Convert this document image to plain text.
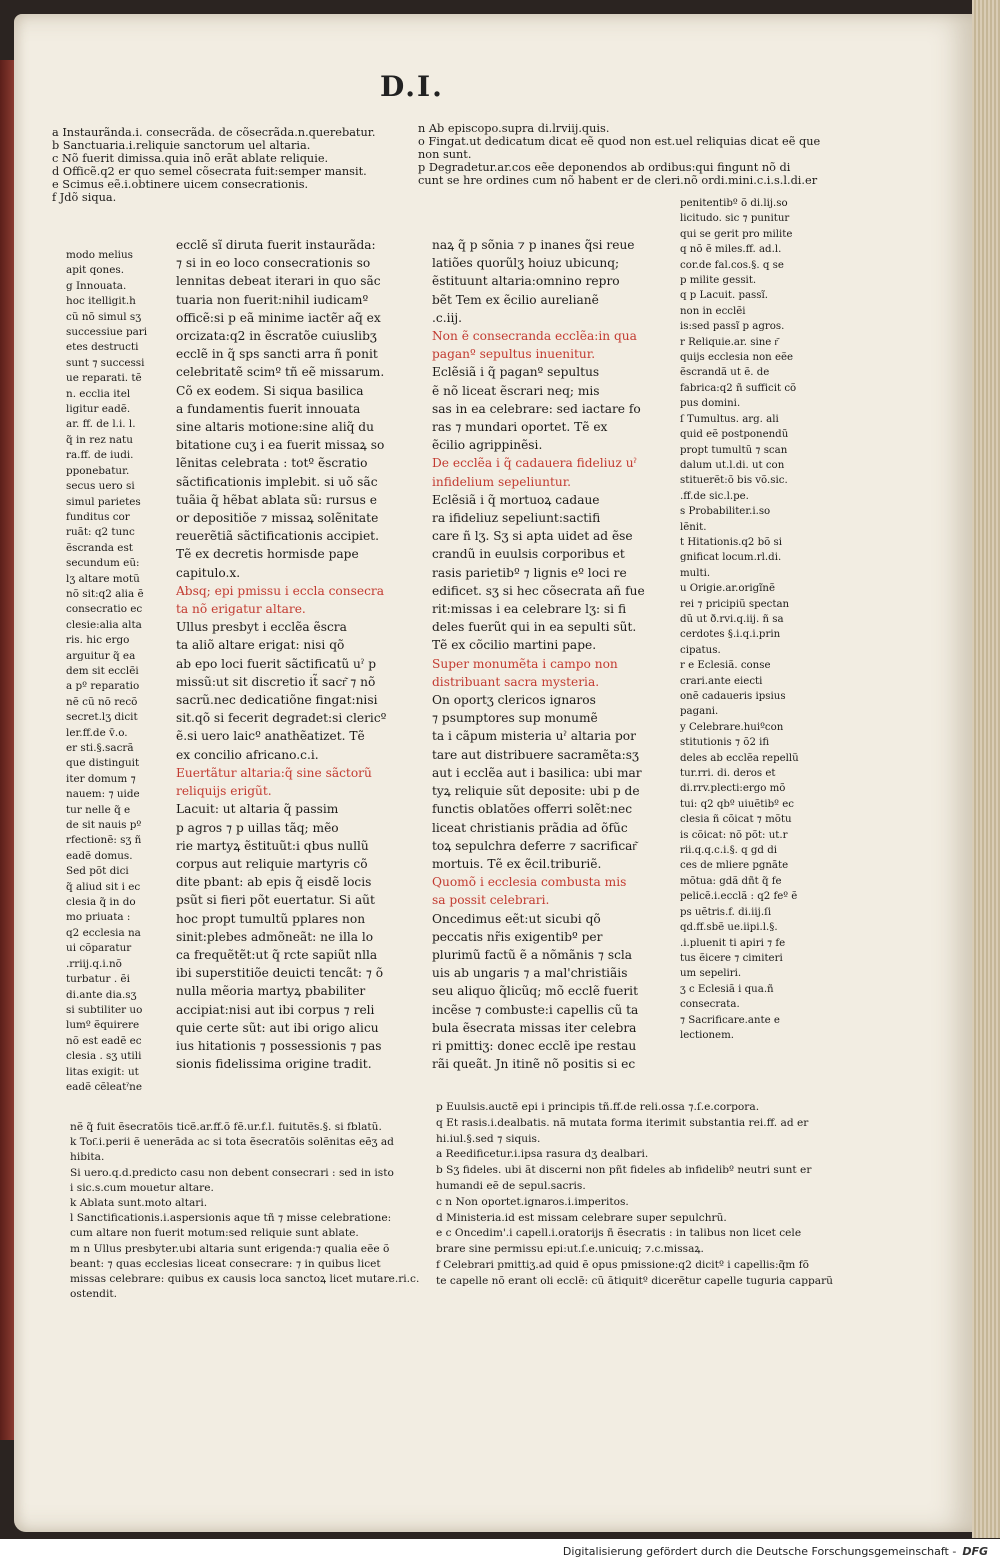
D.I.
a Instaurãnda.i. consecrãda. de cõsecrãda.n.querebatur.
b Sanctuaria.i.reliquie sanctorum uel altaria.
c Nõ fuerit dimissa.quia inõ erãt ablate reliquie.
d Officẽ.q2 er quo semel cõsecrata fuit:semper mansit.
e Scimus eẽ.i.obtinere uicem consecrationis.
f Jdõ siqua.
n Ab episcopo.supra di.lrviij.quis.
o Fingat.ut dedicatum dicat eẽ quod non est.uel reliquias dicat eẽ que
non sunt.
p Degradetur.ar.cos eẽe deponendos ab ordibus:qui fingunt nõ di
cunt se hre ordines cum nõ habent er de cleri.nõ ordi.mini.c.i.s.l.di.er
modo melius
apit qones.
g Innouata.
hoc itelligit.h
cũ nõ simul sʒ
successiue pari
etes destructi
sunt ⁊ successi
ue reparati. tẽ
n. ecclia itel
ligitur eadẽ.
ar. ff. de l.i. l.
q̃ in rez natu
ra.ff. de iudi.
pponebatur.
secus uero si
simul parietes
funditus cor
ruãt: q2 tunc
ẽscranda est
secundum eũ:
lʒ altare motũ
nõ sit:q2 alia ẽ
consecratio ec
clesie:alia alta
ris. hic ergo
arguitur q̃ ea
dem sit ecclẽi
a pº reparatio
nẽ cũ nõ recõ
secret.lʒ dicit
ler.ff.de v̄.o.
er sti.§.sacrã
que distinguit
iter domum ⁊
nauem: ⁊ uide
tur nelle q̃ e
de sit nauis pº
rfectionẽ: sʒ ñ
eadẽ domus.
Sed põt dici
q̃ aliud sit i ec
clesia q̃ in do
mo priuata :
q2 ecclesia na
ui cõparatur
.rriij.q.i.nõ
turbatur . ẽi
di.ante dia.sʒ
si subtiliter uo
lumº ẽquirere
nõ est eadẽ ec
clesia . sʒ utili
litas exigit: ut
eadẽ cẽleatˀne
ecclẽ sĩ diruta fuerit instaurãda:
⁊ si in eo loco consecrationis so
lennitas debeat iterari in quo sãc
tuaria non fuerit:nihil iudicamº
officẽ:si p eã minime iactẽr aq̃ ex
orcizata:q2 in ẽscratõe cuiuslibʒ
ecclẽ in q̃ sps sancti arra ñ ponit
celebritatẽ scimº tñ eẽ missarum.
Cõ ex eodem. Si siqua basilica
a fundamentis fuerit innouata
sine altaris motione:sine aliq̃ du
bitatione cuʒ i ea fuerit missaꝝ so
lẽnitas celebrata : totº ẽscratio
sãctificationis implebit. si uõ sãc
tuãia q̃ hẽbat ablata sũ: rursus e
or depositiõe ⁊ missaꝝ solẽnitate
reuerẽtiã sãctificationis accipiet.
Tẽ ex decretis hormisde pape
capitulo.x.
Absq; epi pmissu i eccla consecra
ta nõ erigatur altare.
Ullus presbyt i ecclẽa ẽscra
ta aliõ altare erigat: nisi qõ
ab epo loci fuerit sãctificatũ uˀ p
missũ:ut sit discretio it̃ sacr͂ ⁊ nõ
sacrũ.nec dedicatiõne fingat:nisi
sit.qõ si fecerit degradet:si clericº
ẽ.si uero laicº anathẽatizet. Tẽ
ex concilio africano.c.i.
Euertãtur altaria:q̃ sine sãctorũ
reliquijs erigũt.
Lacuit: ut altaria q̃ passim
p agros ⁊ p uillas tãq; mẽo
rie martyꝝ ẽstituũt:i qbus nullũ
corpus aut reliquie martyris cõ
dite pbant: ab epis q̃ eisdẽ locis
psũt si fieri põt euertatur. Si aũt
hoc propt tumultũ pplares non
sinit:plebes admõneãt: ne illa lo
ca frequẽtẽt:ut q̃ rcte sapiũt nlla
ibi superstitiõe deuicti tencãt: ⁊ õ
nulla mẽoria martyꝝ pbabiliter
accipiat:nisi aut ibi corpus ⁊ reli
quie certe sũt: aut ibi origo alicu
ius hitationis ⁊ possessionis ⁊ pas
sionis fidelissima origine tradit.
naꝝ q̃ p sõnia ⁊ p inanes q̃si reue
latiões quorũlʒ hoiuz ubicunq;
ẽstituunt altaria:omnino repro
bẽt Tem ex ẽcilio aurelianẽ
.c.iij.
Non ẽ consecranda ecclẽa:in qua
paganº sepultus inuenitur.
Eclẽsiã i q̃ paganº sepultus
ẽ nõ liceat ẽscrari neq; mis
sas in ea celebrare: sed iactare fo
ras ⁊ mundari oportet. Tẽ ex
ẽcilio agrippinẽsi.
De ecclẽa i q̃ cadauera fideliuz uˀ
infidelium sepeliuntur.
Eclẽsiã i q̃ mortuoꝝ cadaue
ra ifideliuz sepeliunt:sactifi
care ñ lʒ. Sʒ si apta uidet ad ẽse
crandũ in euulsis corporibus et
rasis parietibº ⁊ lignis eº loci re
edificet. sʒ si hec cõsecrata añ fue
rit:missas i ea celebrare lʒ: si fi
deles fuerũt qui in ea sepulti sũt.
Tẽ ex cõcilio martini pape.
Super monumẽta i campo non
distribuant sacra mysteria.
On oportʒ clericos ignaros
⁊ psumptores sup monumẽ
ta i cãpum misteria uˀ altaria por
tare aut distribuere sacramẽta:sʒ
aut i ecclẽa aut i basilica: ubi mar
tyꝝ reliquie sũt deposite: ubi p de
functis oblatões offerri solẽt:nec
liceat christianis prãdia ad õfũc
toꝝ sepulchra deferre ⁊ sacrificar͂
mortuis. Tẽ ex ẽcil.triburiẽ.
Quomõ i ecclesia combusta mis
sa possit celebrari.
Oncedimus eẽt:ut sicubi qõ
peccatis nr̃is exigentibº per
plurimũ factũ ẽ a nõmãnis ⁊ scla
uis ab ungaris ⁊ a mal'christiãis
seu aliquo q̃licũq; mõ ecclẽ fuerit
incẽse ⁊ combuste:i capellis cũ ta
bula ẽsecrata missas iter celebra
ri pmittiʒ: donec ecclẽ ipe restau
rãi queãt. Jn itinẽ nõ positis si ec
penitentibº õ di.lij.so
licitudo. sic ⁊ punitur
qui se gerit pro milite
q nõ ẽ miles.ff. ad.l.
cor.de fal.cos.§. q se
p milite gessit.
q p Lacuit. passĩ.
non in ecclẽi
is:sed passĩ p agros.
r Reliquie.ar. sine r͂
quijs ecclesia non eẽe
ẽscrandã ut ẽ. de
fabrica:q2 ñ sufficit cõ
pus domini.
ſ Tumultus. arg. ali
quid eẽ postponendũ
propt tumultũ ⁊ scan
dalum ut.l.di. ut con
stituerẽt:õ bis võ.sic.
.ff.de sic.l.pe.
s Probabiliter.i.so
lẽnit.
t Hitationis.q2 bõ si
gnificat locum.rl.di.
multi.
u Origie.ar.origĩnẽ
rei ⁊ pricipiũ spectan
dũ ut ð.rvi.q.iij. ñ sa
cerdotes §.i.q.i.prin
cipatus.
r e Eclesiã. conse
crari.ante eiecti
onẽ cadaueris ipsius
pagani.
y Celebrare.huiºcon
stitutionis ⁊ õ2 ifi
deles ab ecclẽa repellũ
tur.rri. di. deros et
di.rrv.plecti:ergo mõ
tui: q2 qbº uiuẽtibº ec
clesia ñ cõicat ⁊ mõtu
is cõicat: nõ põt: ut.r
rii.q.q.c.i.§. q gd di
ces de mliere pgnãte
mõtua: gdã dñt q̃ fe
pelicẽ.i.ecclã : q2 feº ẽ
ps uẽtris.f. di.iij.ſi
qd.ff.sbẽ ue.iipi.l.§.
.i.pluenit ti apiri ⁊ fe
tus ẽicere ⁊ cimiteri
um sepeliri.
ʒ c Eclesiã i qua.ñ
consecrata.
⁊ Sacrificare.ante e
lectionem.
nẽ q̃ fuit ẽsecratõis ticẽ.ar.ff.õ fẽ.ur.f.l. fuitutẽs.§. si fblatũ.
k Tot͂.i.perii ẽ uenerãda ac si tota ẽsecratõis solẽnitas eẽʒ ad
hibita.
Si uero.q.d.predicto casu non debent consecrari : sed in isto
i sic.s.cum mouetur altare.
k Ablata sunt.moto altari.
l Sanctificationis.i.aspersionis aque tñ ⁊ misse celebratione:
cum altare non fuerit motum:sed reliquie sunt ablate.
m n Ullus presbyter.ubi altaria sunt erigenda:⁊ qualia eẽe õ
beant: ⁊ quas ecclesias liceat consecrare: ⁊ in quibus licet
missas celebrare: quibus ex causis loca sanctoꝝ licet mutare.ri.c.
ostendit.
p Euulsis.auctẽ epi i principis tñ.ff.de reli.ossa ⁊.ſ.e.corpora.
q Et rasis.i.dealbatis. nã mutata forma iterimit substantia rei.ff. ad er
hi.iul.§.sed ⁊ siquis.
a Reedificetur.i.ipsa rasura dʒ dealbari.
b Sʒ fideles. ubi ãt discerni non pñt fideles ab infidelibº neutri sunt er
humandi eẽ de sepul.sacris.
c n Non oportet.ignaros.i.imperitos.
d Ministeria.id est missam celebrare super sepulchrũ.
e c Oncedim'.i capell.i.oratorijs ñ ẽsecratis : in talibus non licet cele
brare sine permissu epi:ut.ſ.e.unicuiq; ⁊.c.missaꝝ.
f Celebrari pmittiʒ.ad quid ẽ opus pmissione:q2 dicitº i capellis:q̃m fõ
te capelle nõ erant oli ecclẽ: cũ ãtiquitº dicerẽtur capelle tuguria capparũ
Digitalisierung gefördert durch die Deutsche Forschungsgemeinschaft - DFG
